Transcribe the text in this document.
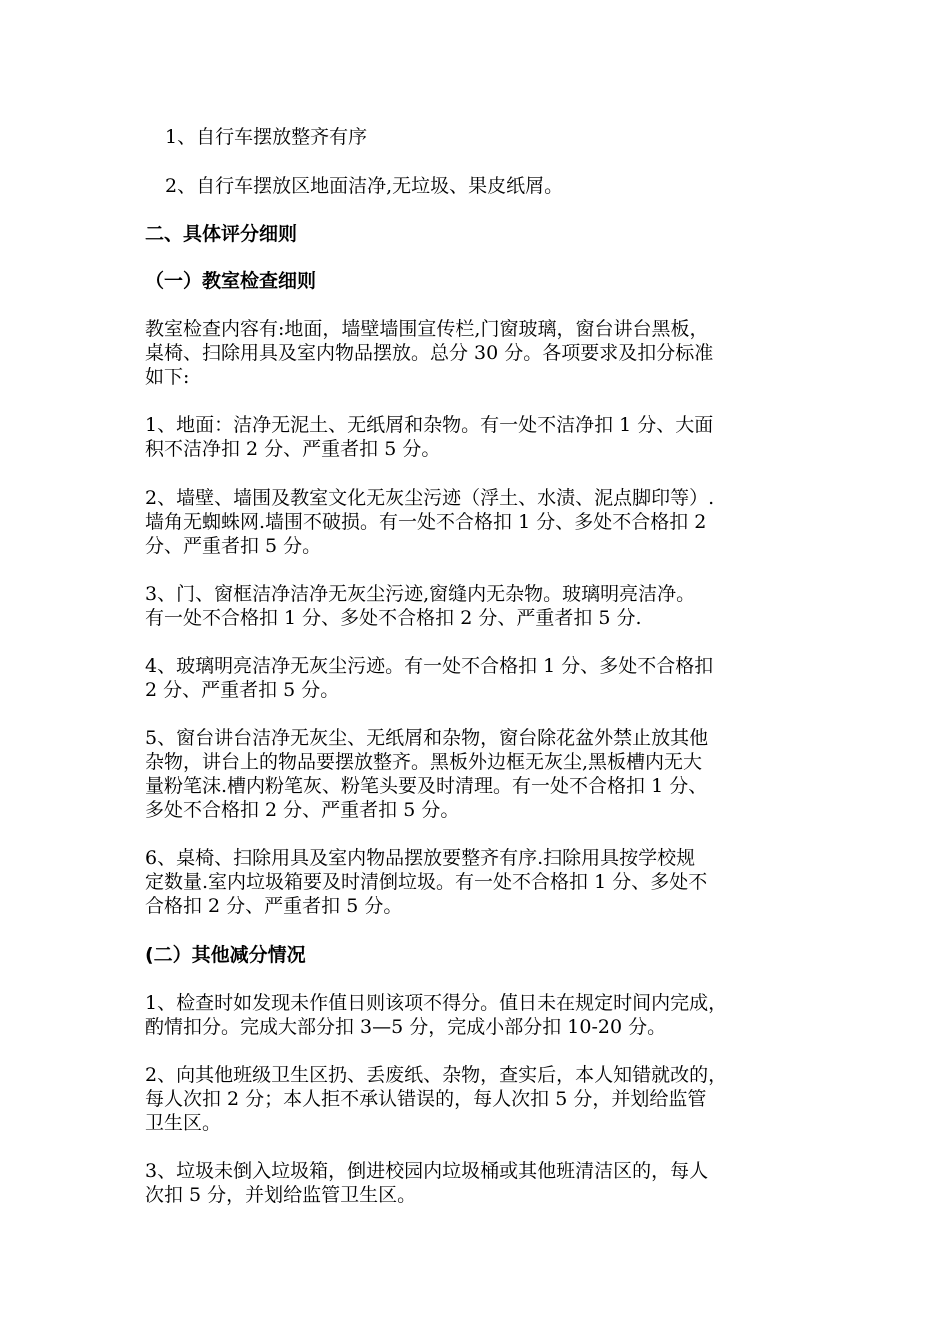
1、自行车摆放整齐有序
2、自行车摆放区地面洁净,无垃圾、果皮纸屑。
二、具体评分细则
（一）教室检查细则
教室检查内容有:地面，墙壁墙围宣传栏,门窗玻璃，窗台讲台黑板，
桌椅、扫除用具及室内物品摆放。总分 30 分。各项要求及扣分标准
如下:
1、地面：洁净无泥土、无纸屑和杂物。有一处不洁净扣 1 分、大面
积不洁净扣 2 分、严重者扣 5 分。
2、墙壁、墙围及教室文化无灰尘污迹（浮土、水渍、泥点脚印等）.
墙角无蜘蛛网.墙围不破损。有一处不合格扣 1 分、多处不合格扣 2
分、严重者扣 5 分。
3、门、窗框洁净洁净无灰尘污迹,窗缝内无杂物。玻璃明亮洁净。
有一处不合格扣 1 分、多处不合格扣 2 分、严重者扣 5 分.
4、玻璃明亮洁净无灰尘污迹。有一处不合格扣 1 分、多处不合格扣
2 分、严重者扣 5 分。
5、窗台讲台洁净无灰尘、无纸屑和杂物，窗台除花盆外禁止放其他
杂物，讲台上的物品要摆放整齐。黑板外边框无灰尘,黑板槽内无大
量粉笔沫.槽内粉笔灰、粉笔头要及时清理。有一处不合格扣 1 分、
多处不合格扣 2 分、严重者扣 5 分。
6、桌椅、扫除用具及室内物品摆放要整齐有序.扫除用具按学校规
定数量.室内垃圾箱要及时清倒垃圾。有一处不合格扣 1 分、多处不
合格扣 2 分、严重者扣 5 分。
(二）其他减分情况
1、检查时如发现未作值日则该项不得分。值日未在规定时间内完成，
酌情扣分。完成大部分扣 3—5 分，完成小部分扣 10-20 分。
2、向其他班级卫生区扔、丢废纸、杂物，查实后，本人知错就改的，
每人次扣 2 分；本人拒不承认错误的，每人次扣 5 分，并划给监管
卫生区。
3、垃圾未倒入垃圾箱，倒进校园内垃圾桶或其他班清洁区的，每人
次扣 5 分，并划给监管卫生区。
